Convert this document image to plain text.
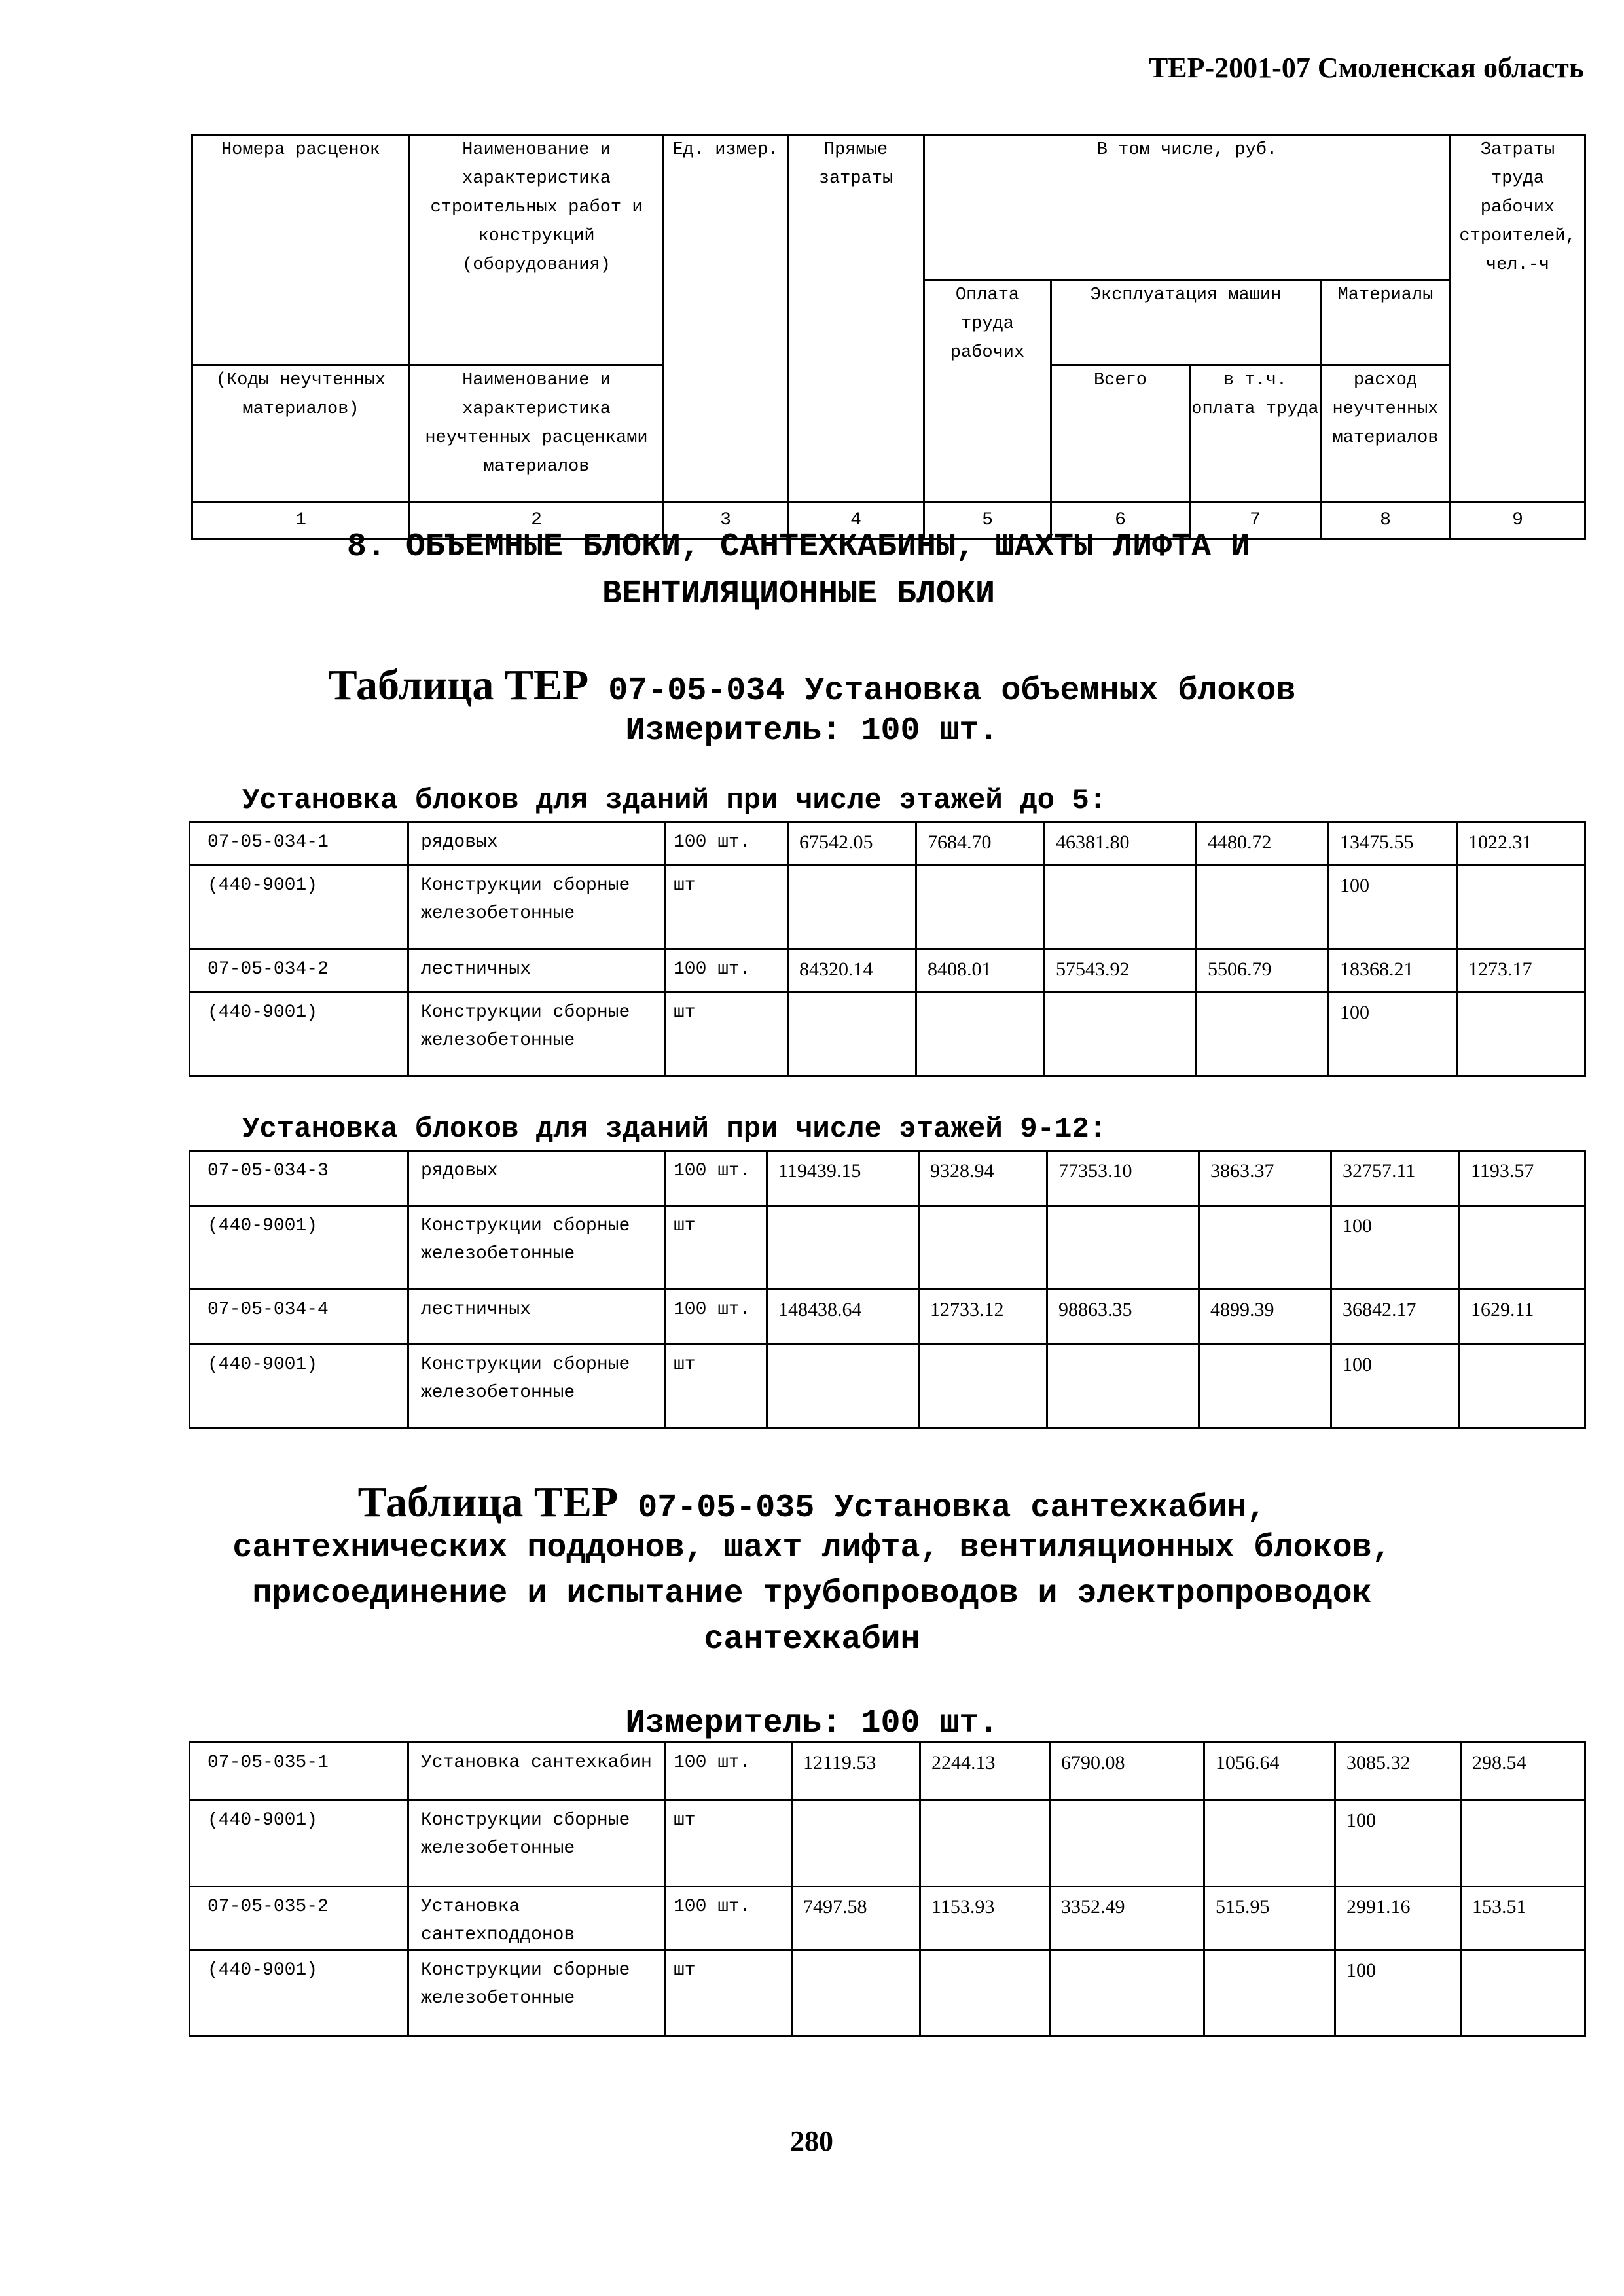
ТЕР-2001-07 Смоленская область
Номера расценок	Наименование и характеристика строительных работ и конструкций (оборудования)	Ед. измер.	Прямые затраты	В том числе, руб.				Затраты труда рабочих строителей, чел.-ч
				Оплата труда рабочих	Эксплуатация машин		Материалы	
(Коды неучтенных материалов)	Наименование и характеристика неучтенных расценками материалов				Всего	в т.ч. оплата труда	расход неучтенных материалов	
1	2	3	4	5	6	7	8	9
8. ОБЪЕМНЫЕ БЛОКИ, САНТЕХКАБИНЫ, ШАХТЫ ЛИФТА И
ВЕНТИЛЯЦИОННЫЕ БЛОКИ
Таблица ТЕР 07-05-034 Установка объемных блоков
Измеритель: 100 шт.
Установка блоков для зданий при числе этажей до 5:
07-05-034-1	рядовых	100 шт.	67542.05	7684.70	46381.80	4480.72	13475.55	1022.31
(440-9001)	Конструкции сборные железобетонные	шт					100	
07-05-034-2	лестничных	100 шт.	84320.14	8408.01	57543.92	5506.79	18368.21	1273.17
(440-9001)	Конструкции сборные железобетонные	шт					100	
Установка блоков для зданий при числе этажей 9-12:
07-05-034-3	рядовых	100 шт.	119439.15	9328.94	77353.10	3863.37	32757.11	1193.57
(440-9001)	Конструкции сборные железобетонные	шт					100	
07-05-034-4	лестничных	100 шт.	148438.64	12733.12	98863.35	4899.39	36842.17	1629.11
(440-9001)	Конструкции сборные железобетонные	шт					100	
Таблица ТЕР 07-05-035 Установка сантехкабин,
сантехнических поддонов, шахт лифта, вентиляционных блоков,
присоединение и испытание трубопроводов и электропроводок
сантехкабин
Измеритель: 100 шт.
07-05-035-1	Установка сантехкабин	100 шт.	12119.53	2244.13	6790.08	1056.64	3085.32	298.54
(440-9001)	Конструкции сборные железобетонные	шт					100	
07-05-035-2	Установка сантехподдонов	100 шт.	7497.58	1153.93	3352.49	515.95	2991.16	153.51
(440-9001)	Конструкции сборные железобетонные	шт					100	
280
